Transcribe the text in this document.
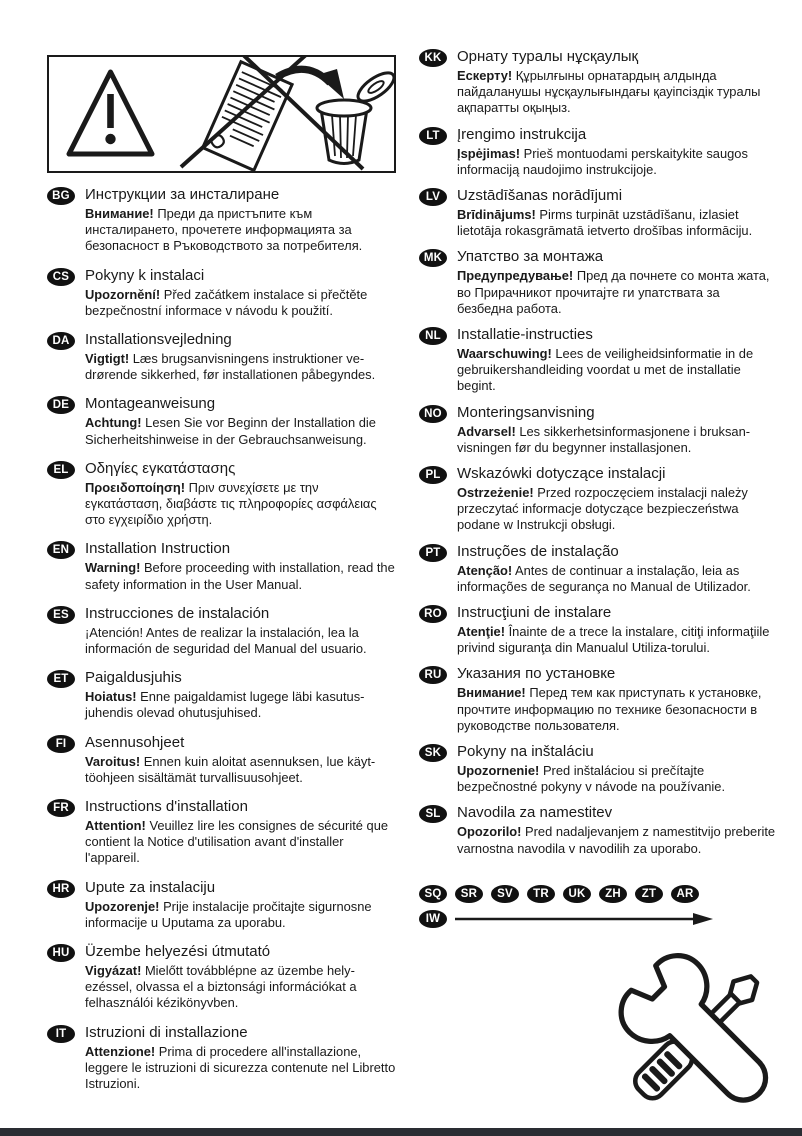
BG	Инструкции за инсталиране
Внимание! Преди да пристъпите към инсталирането, прочетете информацията за безопасност в Ръководството за потребителя.
CS	Pokyny k instalaci
Upozornění! Před začátkem instalace si přečtěte bezpečnostní informace v návodu k použití.
DA	Installationsvejledning
Vigtigt! Læs brugsanvisningens instruktioner ve-drørende sikkerhed, før installationen påbegyndes.
DE	Montageanweisung
Achtung! Lesen Sie vor Beginn der Installation die Sicherheitshinweise in der Gebrauchsanweisung.
EL	Οδηγίες εγκατάστασης
Προειδοποίηση! Πριν συνεχίσετε με την εγκατάσταση, διαβάστε τις πληροφορίες ασφάλειας στο εγχειρίδιο χρήστη.
EN	Installation Instruction
Warning! Before proceeding with installation, read the safety information in the User Manual.
ES	Instrucciones de instalación
¡Atención! Antes de realizar la instalación, lea la información de seguridad del Manual del usuario.
ET	Paigaldusjuhis
Hoiatus! Enne paigaldamist lugege läbi kasutus-juhendis olevad ohutusjuhised.
FI	Asennusohjeet
Varoitus! Ennen kuin aloitat asennuksen, lue käyt-töohjeen sisältämät turvallisuusohjeet.
FR	Instructions d'installation
Attention! Veuillez lire les consignes de sécurité que contient la Notice d'utilisation avant d'installer l'appareil.
HR	Upute za instalaciju
Upozorenje! Prije instalacije pročitajte sigurnosne informacije u Uputama za uporabu.
HU	Üzembe helyezési útmutató
Vigyázat! Mielőtt továbblépne az üzembe hely-ezéssel, olvassa el a biztonsági információkat a felhasználói kézikönyvben.
IT	Istruzioni di installazione
Attenzione! Prima di procedere all'installazione, leggere le istruzioni di sicurezza contenute nel Libretto Istruzioni.
KK	Орнату туралы нұсқаулық
Ескерту! Құрылғыны орнатардың алдында пайдаланушы нұсқаулығындағы қауіпсіздік туралы ақпаратты оқыңыз.
LT	Įrengimo instrukcija
Įspėjimas! Prieš montuodami perskaitykite saugos informaciją naudojimo instrukcijoje.
LV	Uzstādīšanas norādījumi
Brīdinājums! Pirms turpināt uzstādīšanu, izlasiet lietotāja rokasgrāmatā ietverto drošības informāciju.
MK Упатство за монтажа
Предупредување! Пред да почнете со монта жата, во Прирачникот прочитајте ги упатствата за безбедна работа.
NL	Installatie-instructies
Waarschuwing! Lees de veiligheidsinformatie in de gebruikershandleiding voordat u met de installatie begint.
NO	Monteringsanvisning
Advarsel! Les sikkerhetsinformasjonene i bruksan-visningen før du begynner installasjonen.
PL	Wskazówki dotyczące instalacji
Ostrzeżenie! Przed rozpoczęciem instalacji należy przeczytać informacje dotyczące bezpieczeństwa podane w Instrukcji obsługi.
PT	Instruções de instalação
Atenção! Antes de continuar a instalação, leia as informações de segurança no Manual de Utilizador.
RO	Instrucţiuni de instalare
Atenţie! Înainte de a trece la instalare, citiţi informaţiile privind siguranţa din Manualul Utiliza-torului.
RU	Указания по установке
Внимание! Перед тем как приступать к установке, прочтите информацию по технике безопасности в руководстве пользователя.
SK	Pokyny na inštaláciu
Upozornenie! Pred inštaláciou si prečítajte bezpečnostné pokyny v návode na používanie.
SL	Navodila za namestitev
Opozorilo! Pred nadaljevanjem z namestitvijo preberite varnostna navodila v navodilih za uporabo.
SQ	SR	SV	TR	UK	ZH	ZT	AR
IW
